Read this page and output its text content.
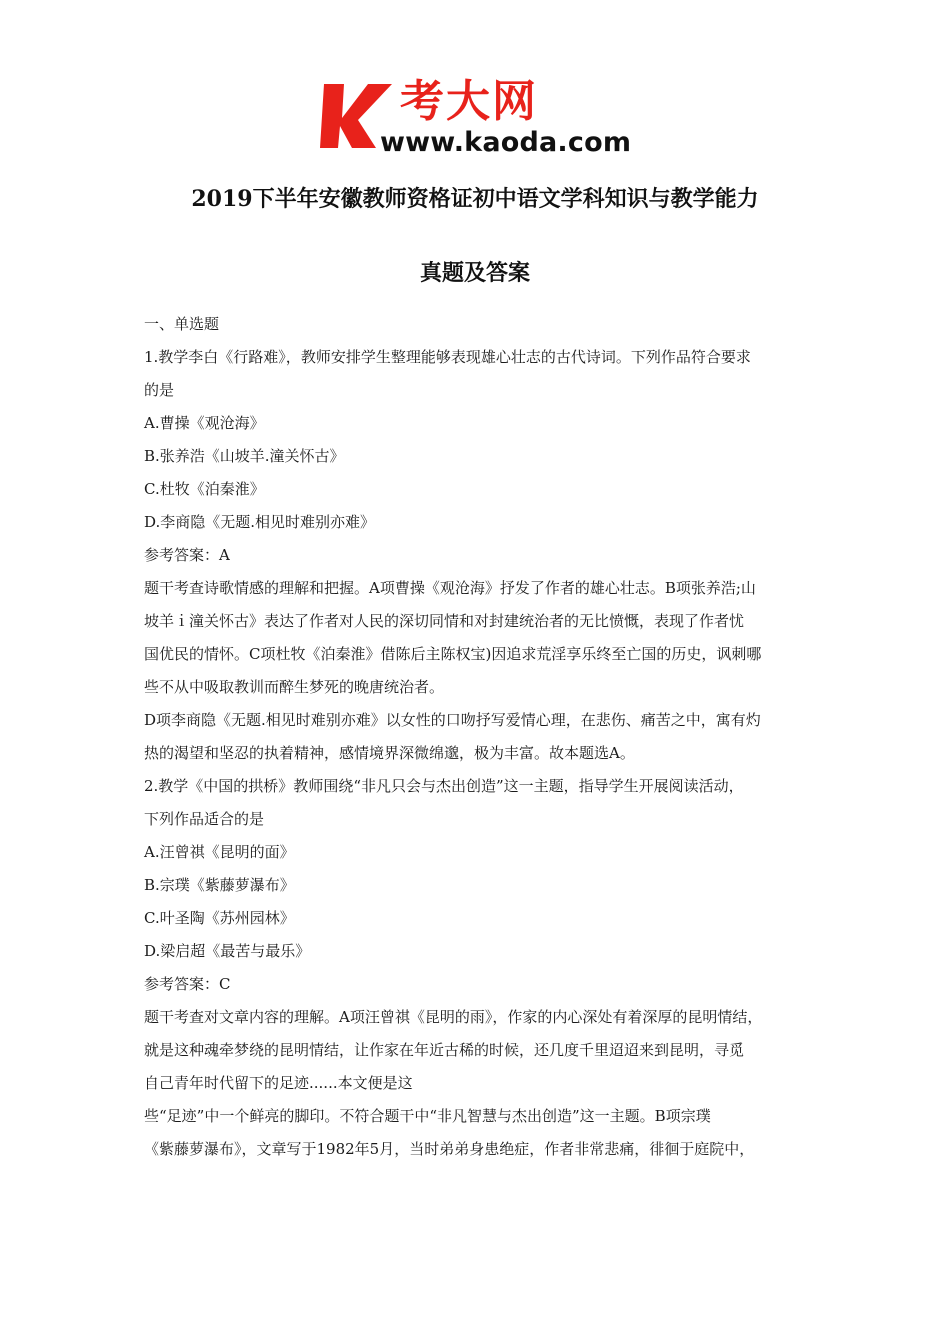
考大网
www.kaoda.com
2019下半年安徽教师资格证初中语文学科知识与教学能力
真题及答案
一、单选题
1.教学李白《行路难》，教师安排学生整理能够表现雄心壮志的古代诗词。下列作品符合要求
的是
A.曹操《观沧海》
B.张养浩《山坡羊.潼关怀古》
C.杜牧《泊秦淮》
D.李商隐《无题.相见时难别亦难》
参考答案：A
题干考查诗歌情感的理解和把握。A项曹操《观沧海》抒发了作者的雄心壮志。B项张养浩;山
坡羊ｉ潼关怀古》表达了作者对人民的深切同情和对封建统治者的无比愤慨，表现了作者忧
国优民的情怀。C项杜牧《泊秦淮》借陈后主陈权宝)因追求荒淫享乐终至亡国的历史，讽刺哪
些不从中吸取教训而醉生梦死的晚唐统治者。
D项李商隐《无题.相见时难别亦难》以女性的口吻抒写爱情心理，在悲伤、痛苦之中，寓有灼
热的渴望和坚忍的执着精神，感情境界深微绵邈，极为丰富。故本题选A。
2.教学《中国的拱桥》教师围绕“非凡只会与杰出创造”这一主题，指导学生开展阅读活动，
下列作品适合的是
A.汪曾祺《昆明的面》
B.宗璞《紫藤萝瀑布》
C.叶圣陶《苏州园林》
D.梁启超《最苦与最乐》
参考答案：C
题干考查对文章内容的理解。A项汪曾祺《昆明的雨》，作家的内心深处有着深厚的昆明情结，
就是这种魂牵梦绕的昆明情结，让作家在年近古稀的时候，还几度千里迢迢来到昆明，寻觅
自己青年时代留下的足迹......本文便是这
些“足迹”中一个鲜亮的脚印。不符合题干中“非凡智慧与杰出创造”这一主题。B项宗璞
《紫藤萝瀑布》，文章写于1982年5月，当时弟弟身患绝症，作者非常悲痛，徘徊于庭院中，
